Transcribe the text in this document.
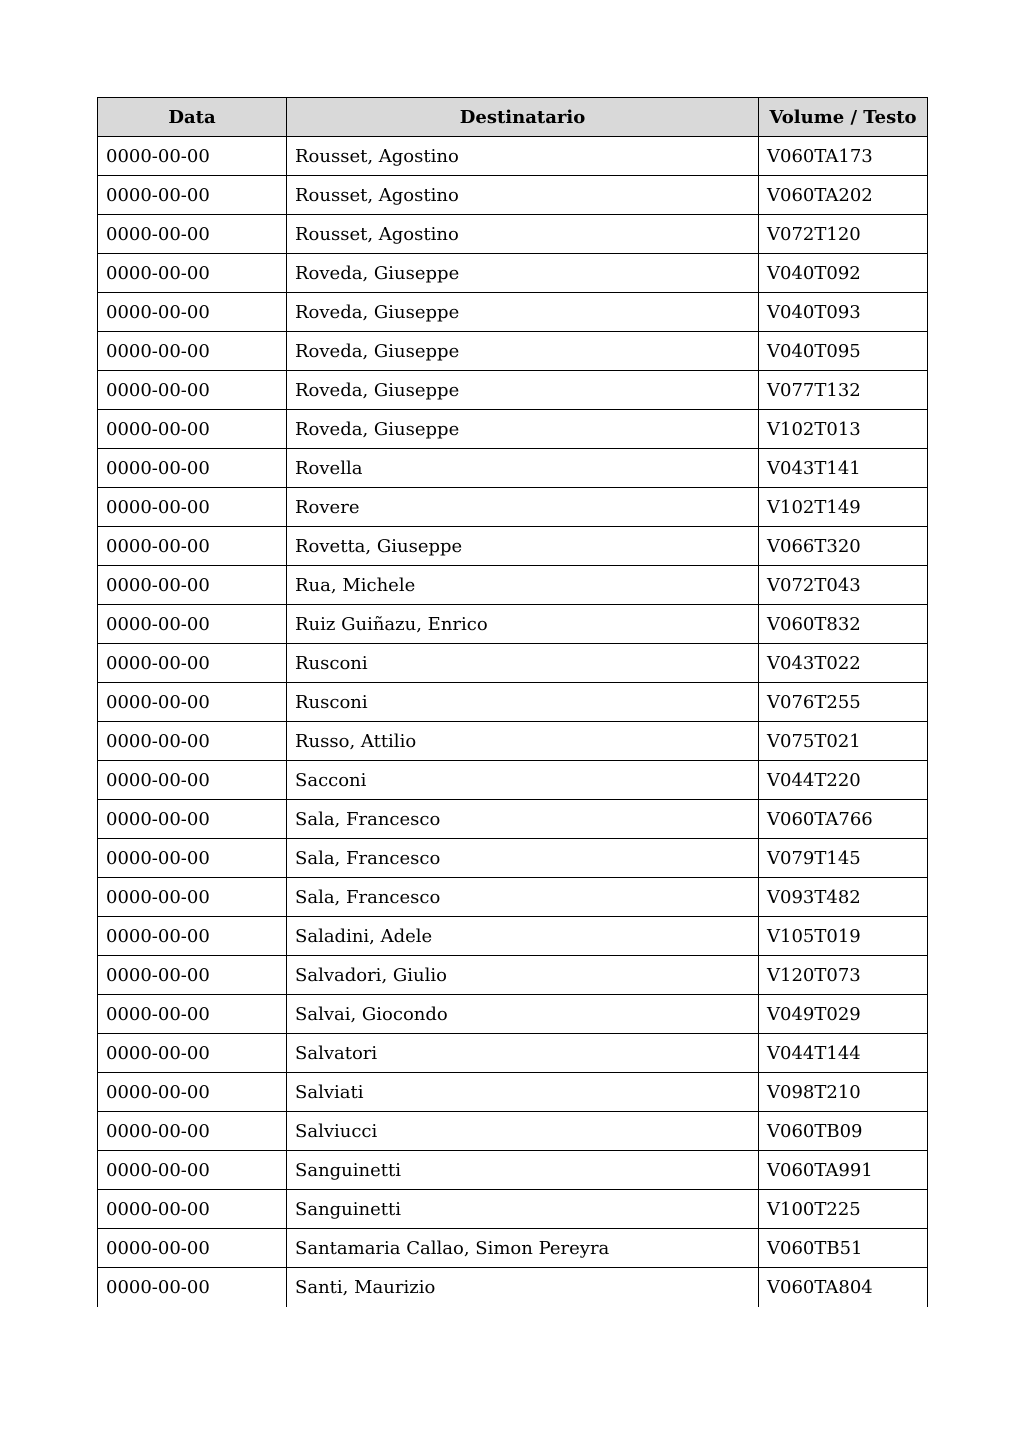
Data	Destinatario	Volume / Testo
0000-00-00	Rousset, Agostino	V060TA173
0000-00-00	Rousset, Agostino	V060TA202
0000-00-00	Rousset, Agostino	V072T120
0000-00-00	Roveda, Giuseppe	V040T092
0000-00-00	Roveda, Giuseppe	V040T093
0000-00-00	Roveda, Giuseppe	V040T095
0000-00-00	Roveda, Giuseppe	V077T132
0000-00-00	Roveda, Giuseppe	V102T013
0000-00-00	Rovella	V043T141
0000-00-00	Rovere	V102T149
0000-00-00	Rovetta, Giuseppe	V066T320
0000-00-00	Rua, Michele	V072T043
0000-00-00	Ruiz Guiñazu, Enrico	V060T832
0000-00-00	Rusconi	V043T022
0000-00-00	Rusconi	V076T255
0000-00-00	Russo, Attilio	V075T021
0000-00-00	Sacconi	V044T220
0000-00-00	Sala, Francesco	V060TA766
0000-00-00	Sala, Francesco	V079T145
0000-00-00	Sala, Francesco	V093T482
0000-00-00	Saladini, Adele	V105T019
0000-00-00	Salvadori, Giulio	V120T073
0000-00-00	Salvai, Giocondo	V049T029
0000-00-00	Salvatori	V044T144
0000-00-00	Salviati	V098T210
0000-00-00	Salviucci	V060TB09
0000-00-00	Sanguinetti	V060TA991
0000-00-00	Sanguinetti	V100T225
0000-00-00	Santamaria Callao, Simon Pereyra	V060TB51
0000-00-00	Santi, Maurizio	V060TA804
